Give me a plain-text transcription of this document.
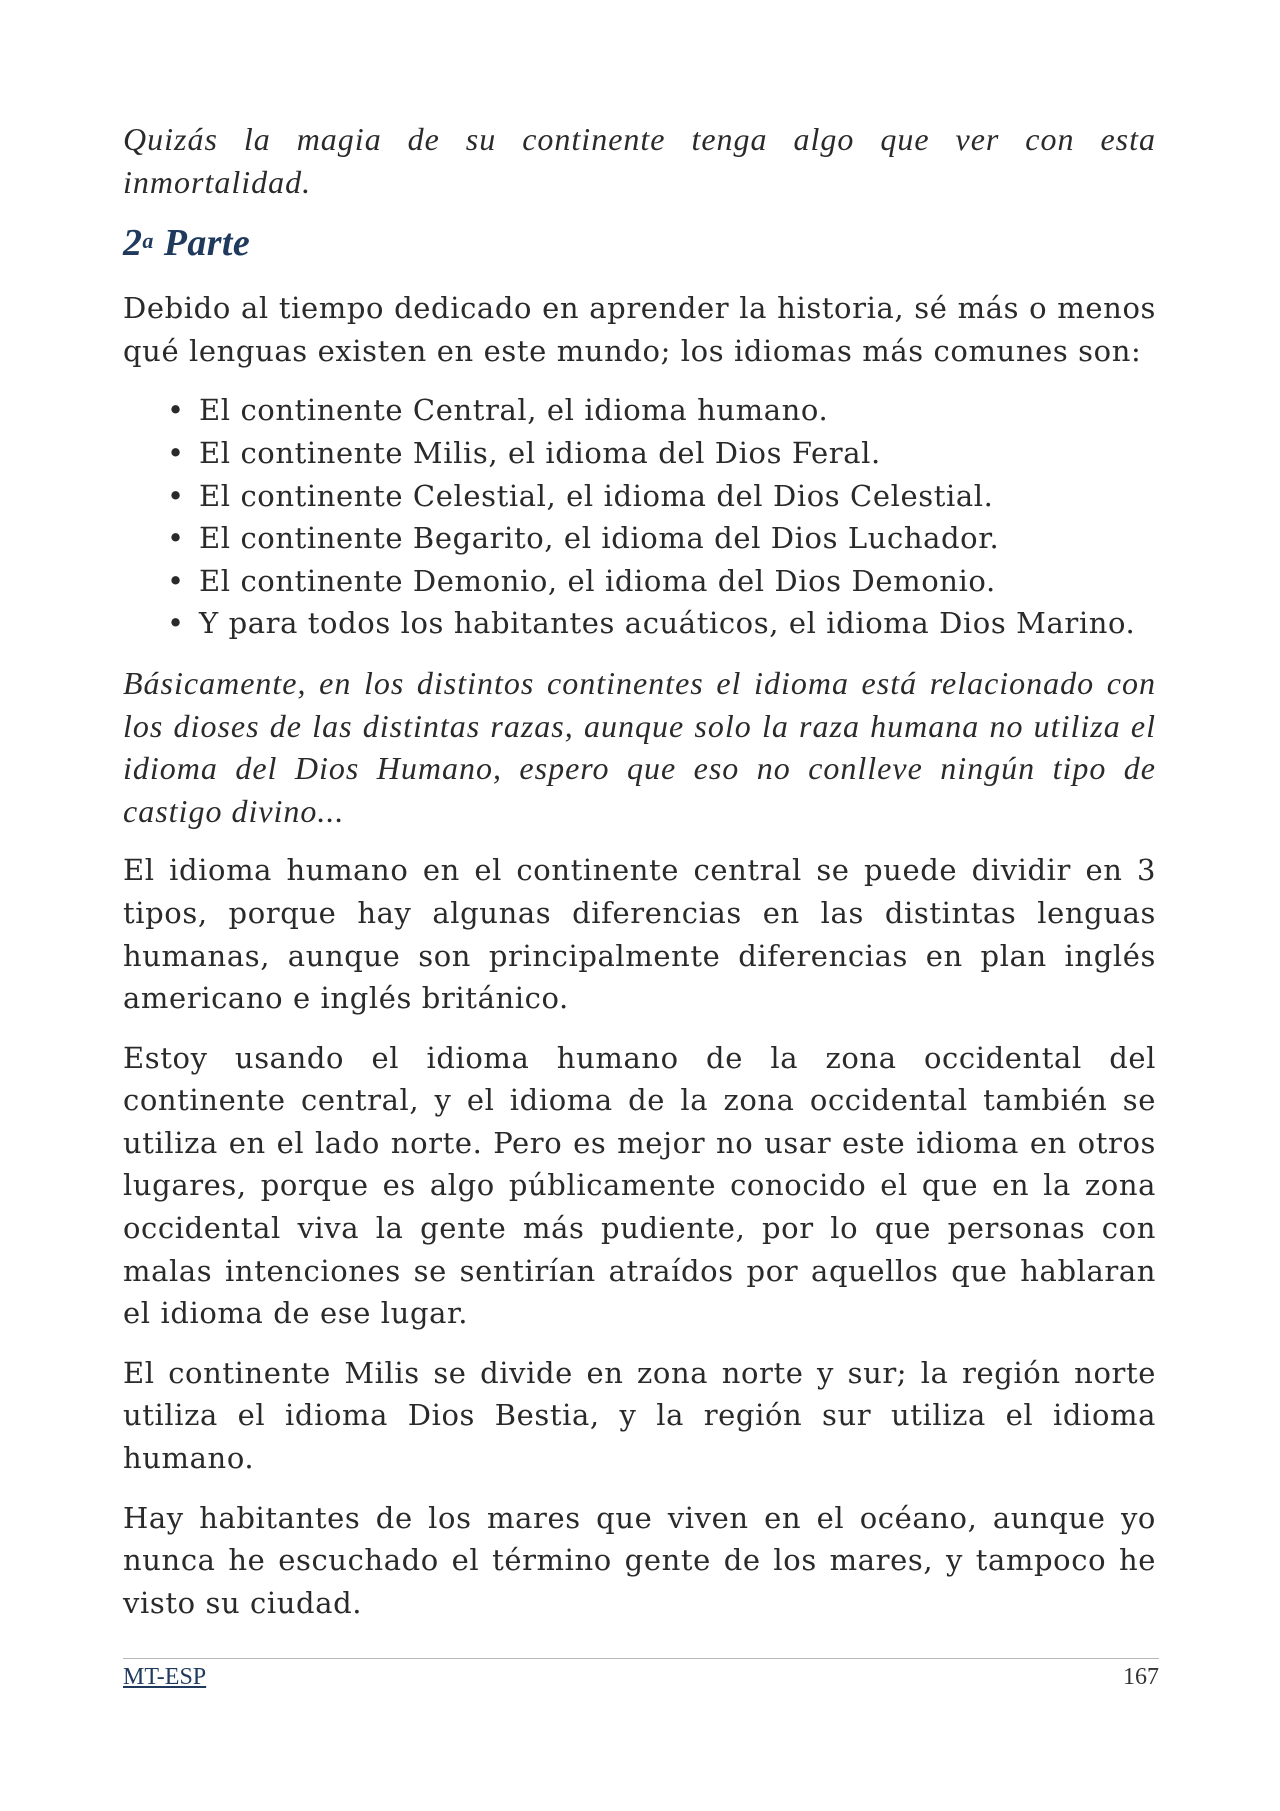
Quizás la magia de su continente tenga algo que ver con esta inmortalidad.

2$^a$ Parte

Debido al tiempo dedicado en aprender la historia, sé más o menos qué lenguas existen en este mundo; los idiomas más comunes son:

• El continente Central, el idioma humano.
• El continente Milis, el idioma del Dios Feral.
• El continente Celestial, el idioma del Dios Celestial.
• El continente Begarito, el idioma del Dios Luchador.
• El continente Demonio, el idioma del Dios Demonio.
• Y para todos los habitantes acuáticos, el idioma Dios Marino.

Básicamente, en los distintos continentes el idioma está relacionado con los dioses de las distintas razas, aunque solo la raza humana no utiliza el idioma del Dios Humano, espero que eso no conlleve ningún tipo de castigo divino...

El idioma humano en el continente central se puede dividir en 3 tipos, porque hay algunas diferencias en las distintas lenguas humanas, aunque son principalmente diferencias en plan inglés americano e inglés británico.

Estoy usando el idioma humano de la zona occidental del continente central, y el idioma de la zona occidental también se utiliza en el lado norte. Pero es mejor no usar este idioma en otros lugares, porque es algo públicamente conocido el que en la zona occidental viva la gente más pudiente, por lo que personas con malas intenciones se sentirían atraídos por aquellos que hablaran el idioma de ese lugar.

El continente Milis se divide en zona norte y sur; la región norte utiliza el idioma Dios Bestia, y la región sur utiliza el idioma humano.

Hay habitantes de los mares que viven en el océano, aunque yo nunca he escuchado el término gente de los mares, y tampoco he visto su ciudad.

MT-ESP	167
